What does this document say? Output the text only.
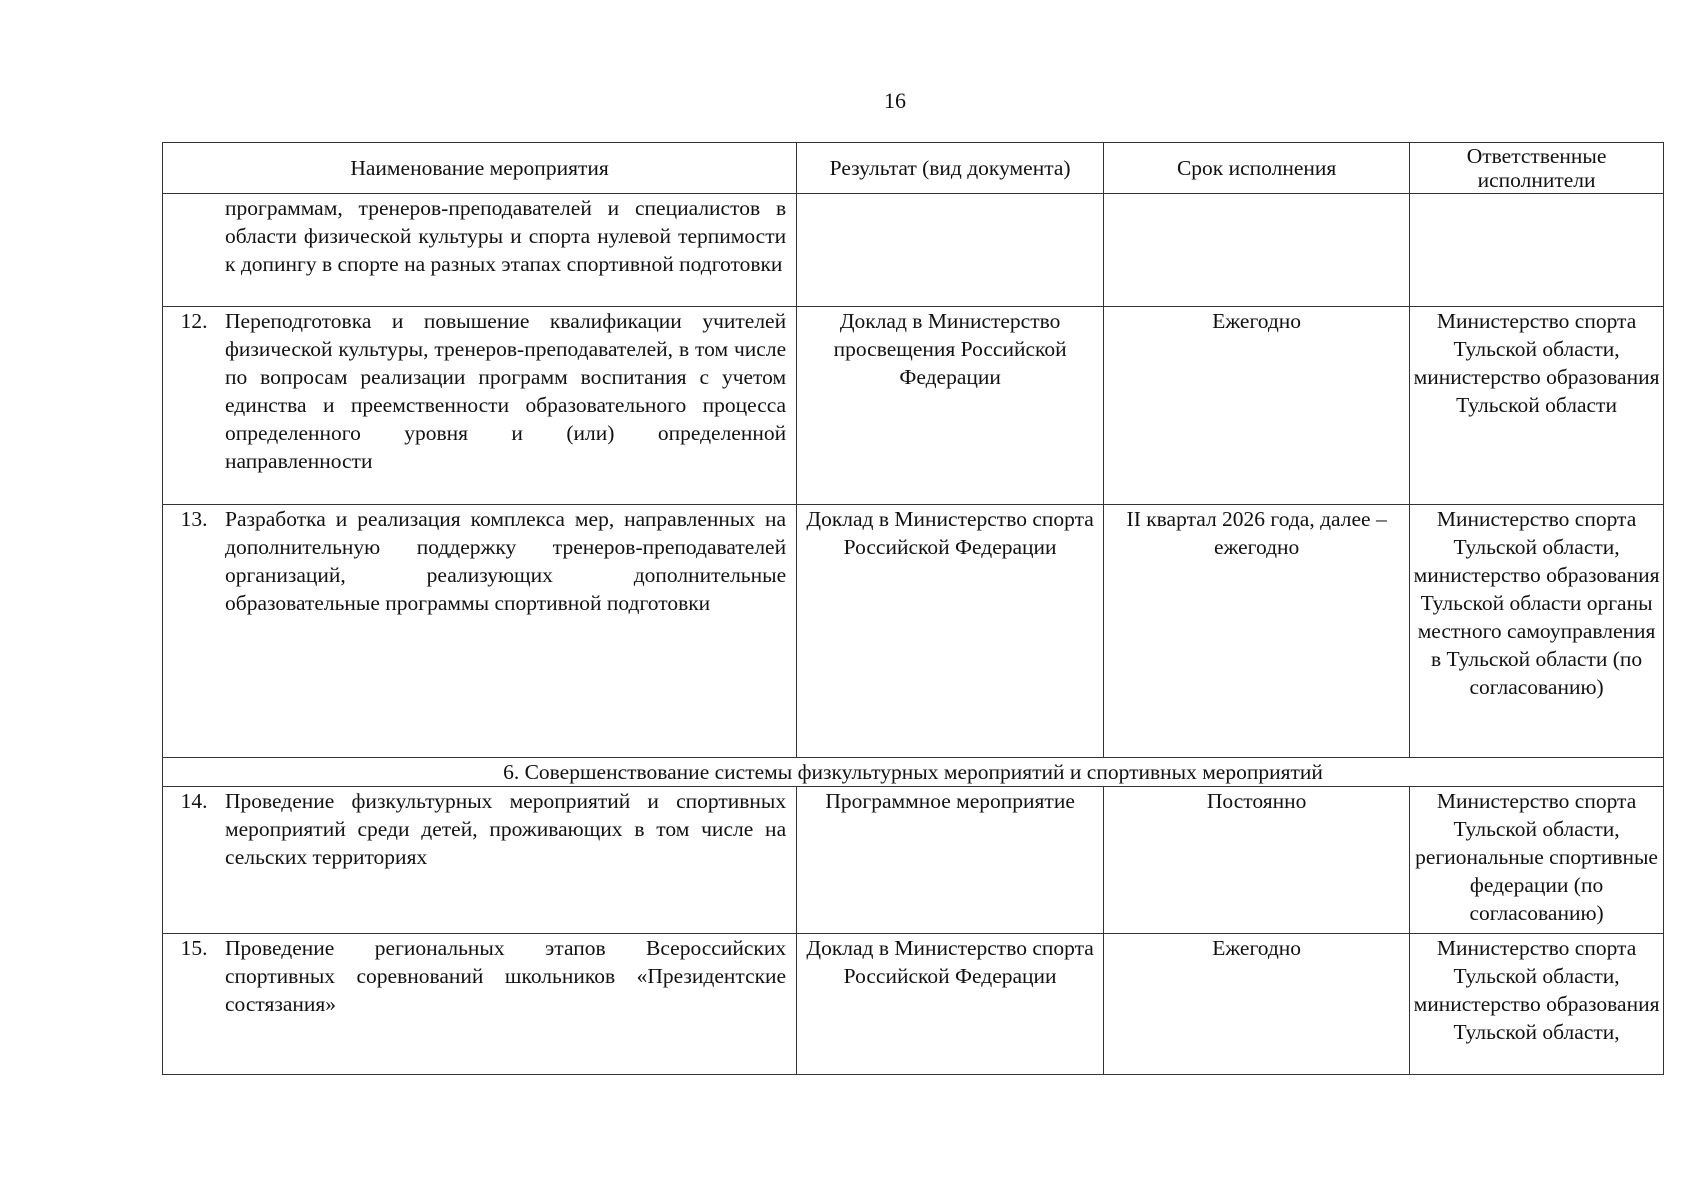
16
Наименование мероприятия	Результат (вид документа)	Срок исполнения	Ответственные исполнители

программам, тренеров-преподавателей и специалистов в области физической культуры и спорта нулевой терпимости к допингу в спорте на разных этапах спортивной подготовки			

12. Переподготовка и повышение квалификации учителей физической культуры, тренеров-преподавателей, в том числе по вопросам реализации программ воспитания с учетом единства и преемственности образовательного процесса определенного уровня и (или) определенной направленности	Доклад в Министерство просвещения Российской Федерации	Ежегодно	Министерство спорта Тульской области, министерство образования Тульской области

13. Разработка и реализация комплекса мер, направленных на дополнительную поддержку тренеров-преподавателей организаций, реализующих дополнительные образовательные программы спортивной подготовки	Доклад в Министерство спорта Российской Федерации	II квартал 2026 года, далее – ежегодно	Министерство спорта Тульской области, министерство образования Тульской области органы местного самоуправления в Тульской области (по согласованию)
6. Совершенствование системы физкультурных мероприятий и спортивных мероприятий			

14. Проведение физкультурных мероприятий и спортивных мероприятий среди детей, проживающих в том числе на сельских территориях	Программное мероприятие	Постоянно	Министерство спорта Тульской области, региональные спортивные федерации (по согласованию)

15. Проведение региональных этапов Всероссийских спортивных соревнований школьников «Президентские состязания»	Доклад в Министерство спорта Российской Федерации	Ежегодно	Министерство спорта Тульской области, министерство образования Тульской области,
